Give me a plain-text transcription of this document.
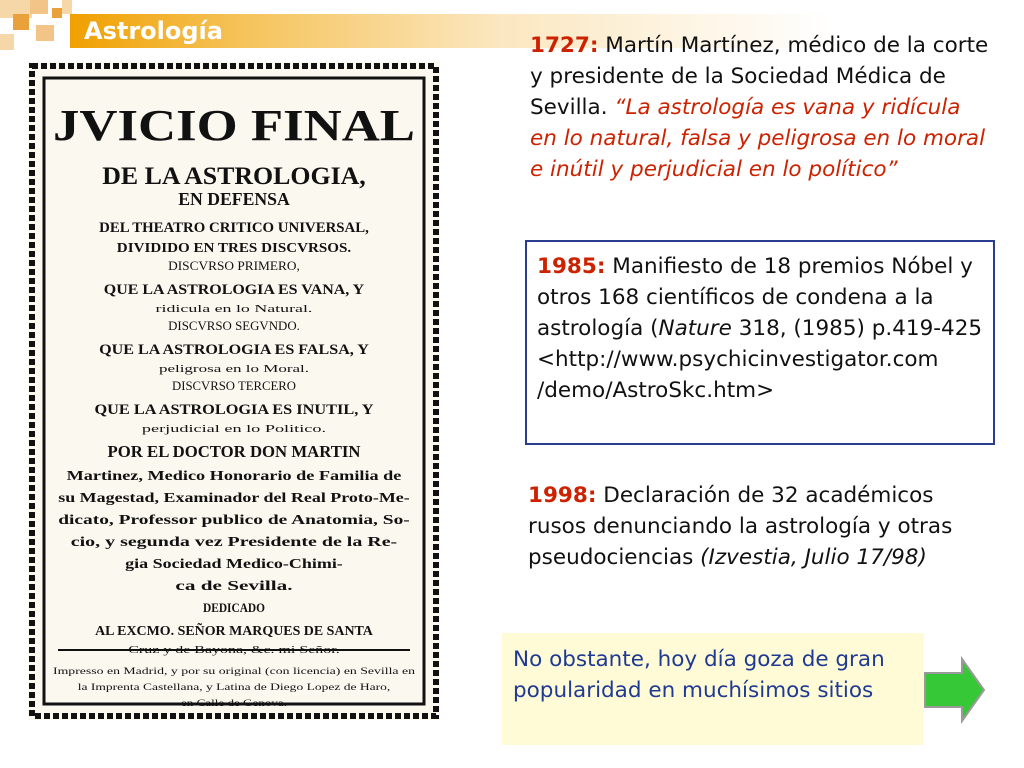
Astrología
JVICIO FINAL
DE LA ASTROLOGIA,
EN DEFENSA
DEL THEATRO CRITICO UNIVERSAL,
DIVIDIDO EN TRES DISCVRSOS.
DISCVRSO PRIMERO,
QUE LA ASTROLOGIA ES VANA, Y
ridicula en lo Natural.
DISCVRSO SEGVNDO.
QUE LA ASTROLOGIA ES FALSA, Y
peligrosa en lo Moral.
DISCVRSO TERCERO
QUE LA ASTROLOGIA ES INUTIL, Y
perjudicial en lo Politico.
POR EL DOCTOR DON MARTIN
Martinez, Medico Honorario de Familia de
su Magestad, Examinador del Real Proto-Me-
dicato, Professor publico de Anatomia, So-
cio, y segunda vez Presidente de la Re-
gia Sociedad Medico-Chimi-
ca de Sevilla.
DEDICADO
AL EXCMO. SEÑOR MARQUES DE SANTA
Cruz y de Bayona, &c. mi Señor.
Impresso en Madrid, y por su original (con licencia) en Sevilla en
la Imprenta Castellana, y Latina de Diego Lopez de Haro,
en Calle de Genova.
1727: Martín Martínez, médico de la corte y presidente de la Sociedad Médica de Sevilla. “La astrología es vana y ridícula en lo natural, falsa y peligrosa en lo moral e inútil y perjudicial en lo político”
1985: Manifiesto de 18 premios Nóbel y otros 168 científicos de condena a la astrología (Nature 318, (1985) p.419-425
<http://www.psychicinvestigator.com
/demo/AstroSkc.htm>
1998: Declaración de 32 académicos rusos denunciando la astrología y otras pseudociencias (Izvestia, Julio 17/98)
No obstante, hoy día goza de gran popularidad en muchísimos sitios
